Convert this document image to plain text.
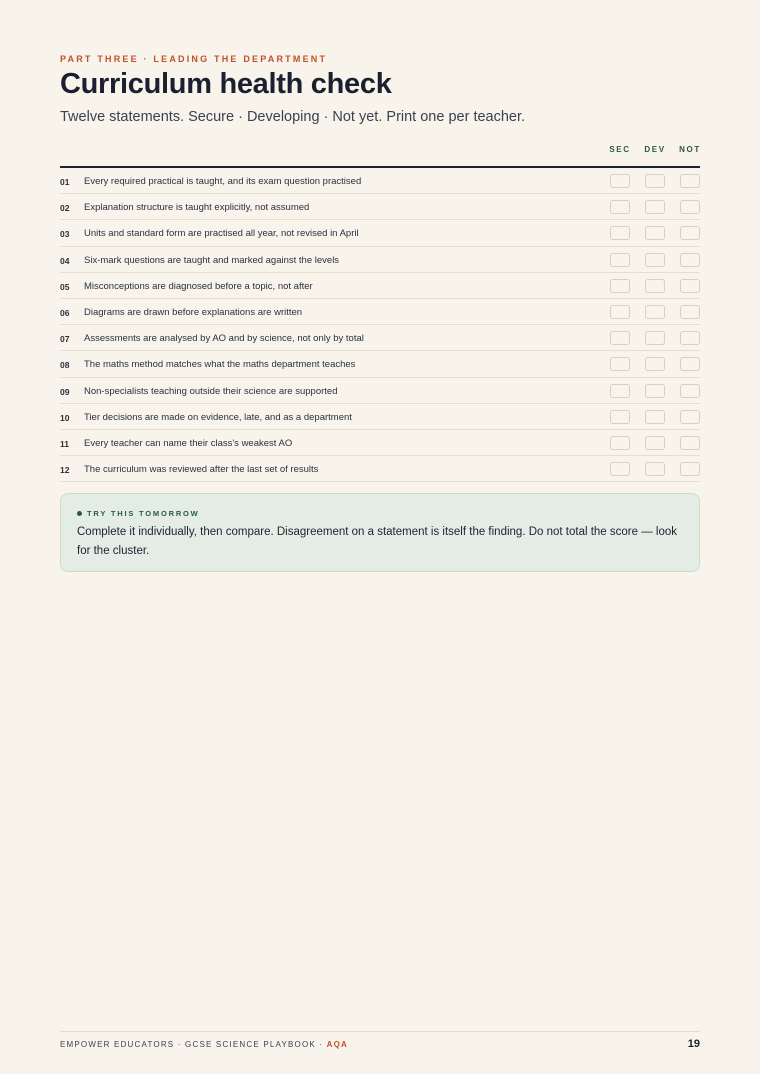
PART THREE · LEADING THE DEPARTMENT
Curriculum health check
Twelve statements. Secure · Developing · Not yet. Print one per teacher.
SEC DEV NOT
01 Every required practical is taught, and its exam question practised
02 Explanation structure is taught explicitly, not assumed
03 Units and standard form are practised all year, not revised in April
04 Six-mark questions are taught and marked against the levels
05 Misconceptions are diagnosed before a topic, not after
06 Diagrams are drawn before explanations are written
07 Assessments are analysed by AO and by science, not only by total
08 The maths method matches what the maths department teaches
09 Non-specialists teaching outside their science are supported
10 Tier decisions are made on evidence, late, and as a department
11 Every teacher can name their class's weakest AO
12 The curriculum was reviewed after the last set of results
TRY THIS TOMORROW
Complete it individually, then compare. Disagreement on a statement is itself the finding. Do not total the score — look for the cluster.
EMPOWER EDUCATORS · GCSE SCIENCE PLAYBOOK · AQA	19
